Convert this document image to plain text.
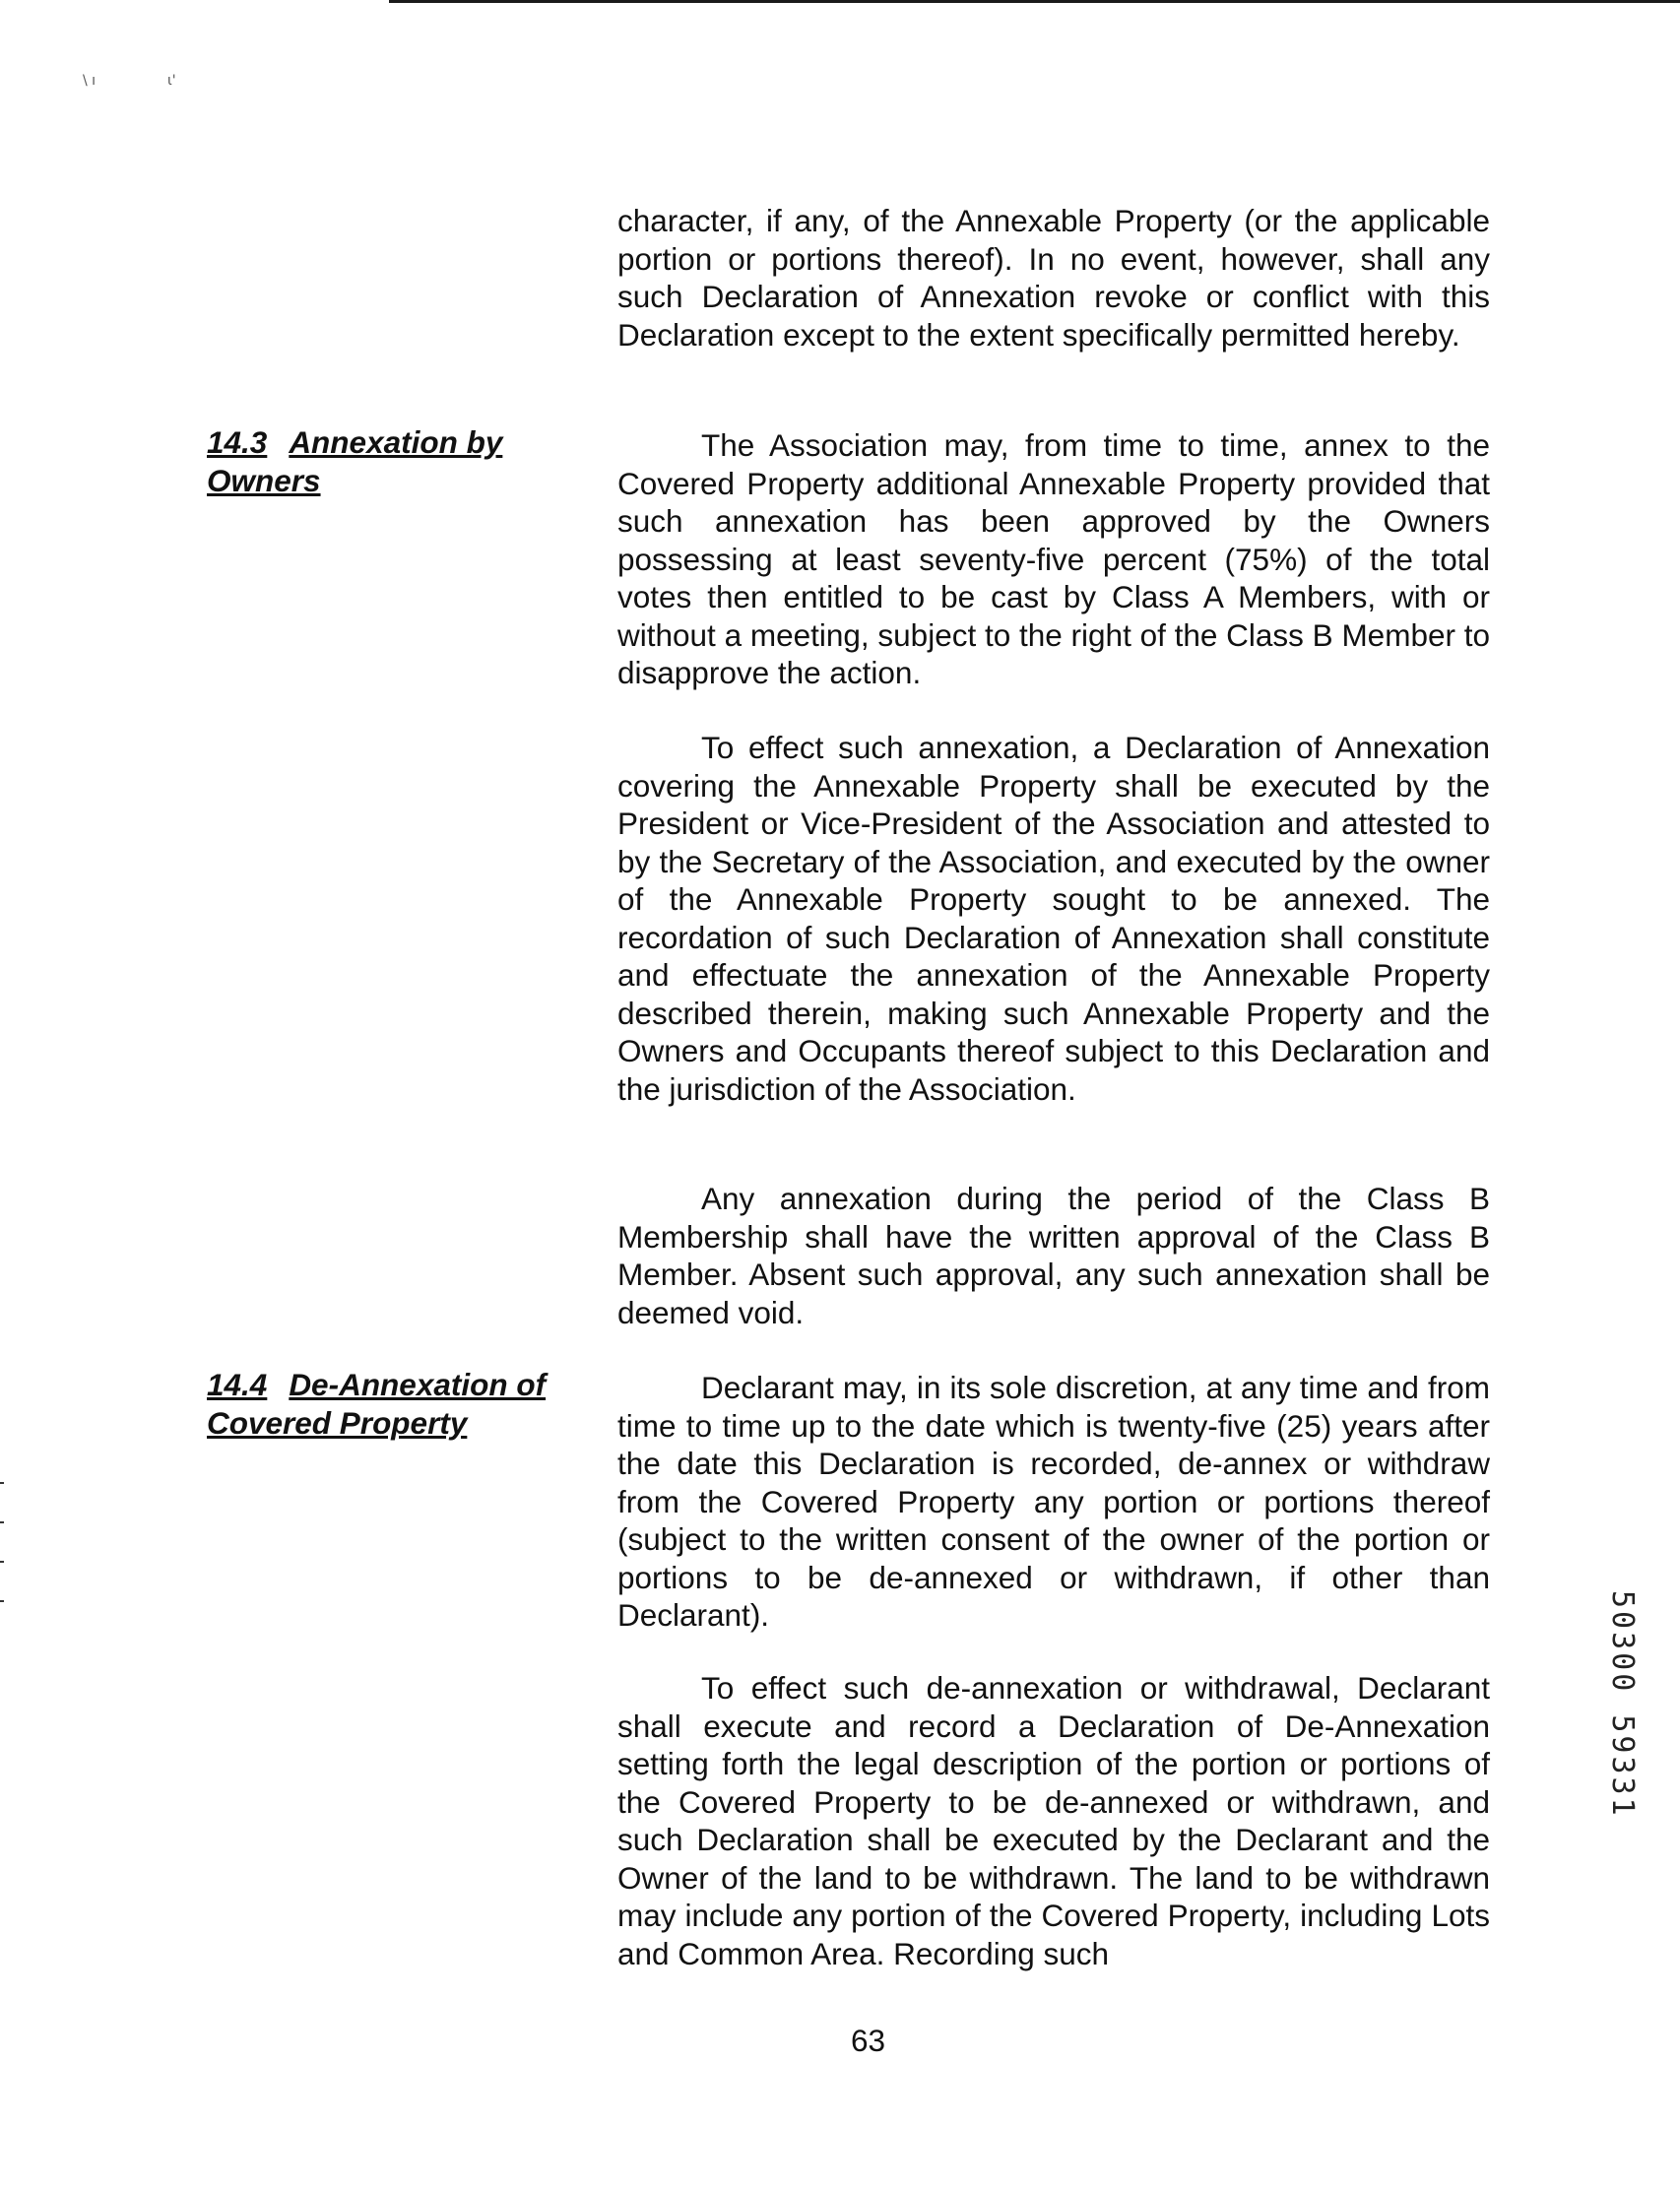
\ ı	ι'

character, if any, of the Annexable Property (or the applicable portion or portions thereof). In no event, however, shall any such Declaration of Annexation revoke or conflict with this Declaration except to the extent specifically permitted hereby.

14.3 Annexation by Owners

The Association may, from time to time, annex to the Covered Property additional Annexable Property provided that such annexation has been approved by the Owners possessing at least seventy-five percent (75%) of the total votes then entitled to be cast by Class A Members, with or without a meeting, subject to the right of the Class B Member to disapprove the action.

To effect such annexation, a Declaration of Annexation covering the Annexable Property shall be executed by the President or Vice-President of the Association and attested to by the Secretary of the Association, and executed by the owner of the Annexable Property sought to be annexed. The recordation of such Declaration of Annexation shall constitute and effectuate the annexation of the Annexable Property described therein, making such Annexable Property and the Owners and Occupants thereof subject to this Declaration and the jurisdiction of the Association.

Any annexation during the period of the Class B Membership shall have the written approval of the Class B Member. Absent such approval, any such annexation shall be deemed void.

14.4 De-Annexation of Covered Property

Declarant may, in its sole discretion, at any time and from time to time up to the date which is twenty-five (25) years after the date this Declaration is recorded, de-annex or withdraw from the Covered Property any portion or portions thereof (subject to the written consent of the owner of the portion or portions to be de-annexed or withdrawn, if other than Declarant).

To effect such de-annexation or withdrawal, Declarant shall execute and record a Declaration of De-Annexation setting forth the legal description of the portion or portions of the Covered Property to be de-annexed or withdrawn, and such Declaration shall be executed by the Declarant and the Owner of the land to be withdrawn. The land to be withdrawn may include any portion of the Covered Property, including Lots and Common Area. Recording such

63
50300 59331
